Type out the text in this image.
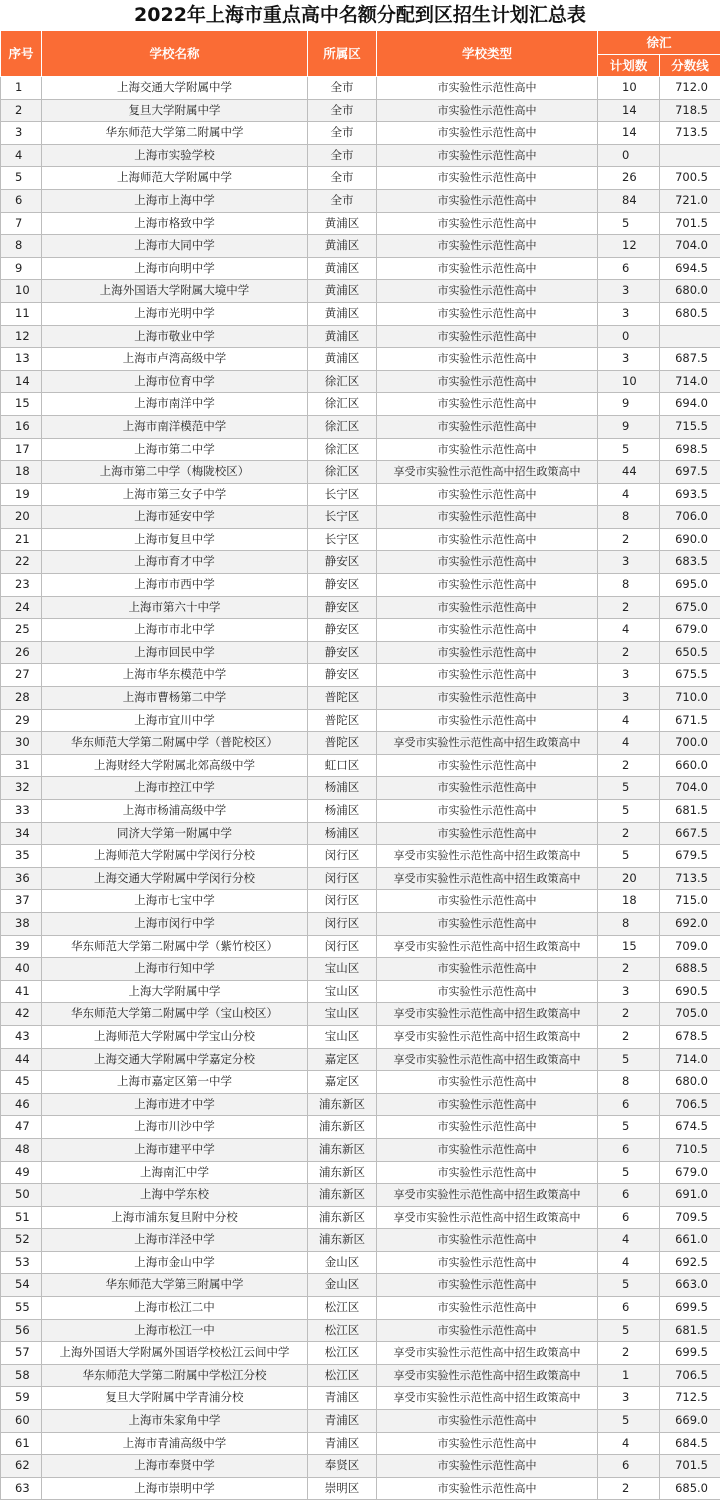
2022年上海市重点高中名额分配到区招生计划汇总表
序号	学校名称	所属区	学校类型	徐汇	
				计划数	分数线
1	上海交通大学附属中学	全市	市实验性示范性高中	10	712.0
2	复旦大学附属中学	全市	市实验性示范性高中	14	718.5
3	华东师范大学第二附属中学	全市	市实验性示范性高中	14	713.5
4	上海市实验学校	全市	市实验性示范性高中	0	
5	上海师范大学附属中学	全市	市实验性示范性高中	26	700.5
6	上海市上海中学	全市	市实验性示范性高中	84	721.0
7	上海市格致中学	黄浦区	市实验性示范性高中	5	701.5
8	上海市大同中学	黄浦区	市实验性示范性高中	12	704.0
9	上海市向明中学	黄浦区	市实验性示范性高中	6	694.5
10	上海外国语大学附属大境中学	黄浦区	市实验性示范性高中	3	680.0
11	上海市光明中学	黄浦区	市实验性示范性高中	3	680.5
12	上海市敬业中学	黄浦区	市实验性示范性高中	0	
13	上海市卢湾高级中学	黄浦区	市实验性示范性高中	3	687.5
14	上海市位育中学	徐汇区	市实验性示范性高中	10	714.0
15	上海市南洋中学	徐汇区	市实验性示范性高中	9	694.0
16	上海市南洋模范中学	徐汇区	市实验性示范性高中	9	715.5
17	上海市第二中学	徐汇区	市实验性示范性高中	5	698.5
18	上海市第二中学（梅陇校区）	徐汇区	享受市实验性示范性高中招生政策高中	44	697.5
19	上海市第三女子中学	长宁区	市实验性示范性高中	4	693.5
20	上海市延安中学	长宁区	市实验性示范性高中	8	706.0
21	上海市复旦中学	长宁区	市实验性示范性高中	2	690.0
22	上海市育才中学	静安区	市实验性示范性高中	3	683.5
23	上海市市西中学	静安区	市实验性示范性高中	8	695.0
24	上海市第六十中学	静安区	市实验性示范性高中	2	675.0
25	上海市市北中学	静安区	市实验性示范性高中	4	679.0
26	上海市回民中学	静安区	市实验性示范性高中	2	650.5
27	上海市华东模范中学	静安区	市实验性示范性高中	3	675.5
28	上海市曹杨第二中学	普陀区	市实验性示范性高中	3	710.0
29	上海市宜川中学	普陀区	市实验性示范性高中	4	671.5
30	华东师范大学第二附属中学（普陀校区）	普陀区	享受市实验性示范性高中招生政策高中	4	700.0
31	上海财经大学附属北郊高级中学	虹口区	市实验性示范性高中	2	660.0
32	上海市控江中学	杨浦区	市实验性示范性高中	5	704.0
33	上海市杨浦高级中学	杨浦区	市实验性示范性高中	5	681.5
34	同济大学第一附属中学	杨浦区	市实验性示范性高中	2	667.5
35	上海师范大学附属中学闵行分校	闵行区	享受市实验性示范性高中招生政策高中	5	679.5
36	上海交通大学附属中学闵行分校	闵行区	享受市实验性示范性高中招生政策高中	20	713.5
37	上海市七宝中学	闵行区	市实验性示范性高中	18	715.0
38	上海市闵行中学	闵行区	市实验性示范性高中	8	692.0
39	华东师范大学第二附属中学（紫竹校区）	闵行区	享受市实验性示范性高中招生政策高中	15	709.0
40	上海市行知中学	宝山区	市实验性示范性高中	2	688.5
41	上海大学附属中学	宝山区	市实验性示范性高中	3	690.5
42	华东师范大学第二附属中学（宝山校区）	宝山区	享受市实验性示范性高中招生政策高中	2	705.0
43	上海师范大学附属中学宝山分校	宝山区	享受市实验性示范性高中招生政策高中	2	678.5
44	上海交通大学附属中学嘉定分校	嘉定区	享受市实验性示范性高中招生政策高中	5	714.0
45	上海市嘉定区第一中学	嘉定区	市实验性示范性高中	8	680.0
46	上海市进才中学	浦东新区	市实验性示范性高中	6	706.5
47	上海市川沙中学	浦东新区	市实验性示范性高中	5	674.5
48	上海市建平中学	浦东新区	市实验性示范性高中	6	710.5
49	上海南汇中学	浦东新区	市实验性示范性高中	5	679.0
50	上海中学东校	浦东新区	享受市实验性示范性高中招生政策高中	6	691.0
51	上海市浦东复旦附中分校	浦东新区	享受市实验性示范性高中招生政策高中	6	709.5
52	上海市洋泾中学	浦东新区	市实验性示范性高中	4	661.0
53	上海市金山中学	金山区	市实验性示范性高中	4	692.5
54	华东师范大学第三附属中学	金山区	市实验性示范性高中	5	663.0
55	上海市松江二中	松江区	市实验性示范性高中	6	699.5
56	上海市松江一中	松江区	市实验性示范性高中	5	681.5
57	上海外国语大学附属外国语学校松江云间中学	松江区	享受市实验性示范性高中招生政策高中	2	699.5
58	华东师范大学第二附属中学松江分校	松江区	享受市实验性示范性高中招生政策高中	1	706.5
59	复旦大学附属中学青浦分校	青浦区	享受市实验性示范性高中招生政策高中	3	712.5
60	上海市朱家角中学	青浦区	市实验性示范性高中	5	669.0
61	上海市青浦高级中学	青浦区	市实验性示范性高中	4	684.5
62	上海市奉贤中学	奉贤区	市实验性示范性高中	6	701.5
63	上海市崇明中学	崇明区	市实验性示范性高中	2	685.0
